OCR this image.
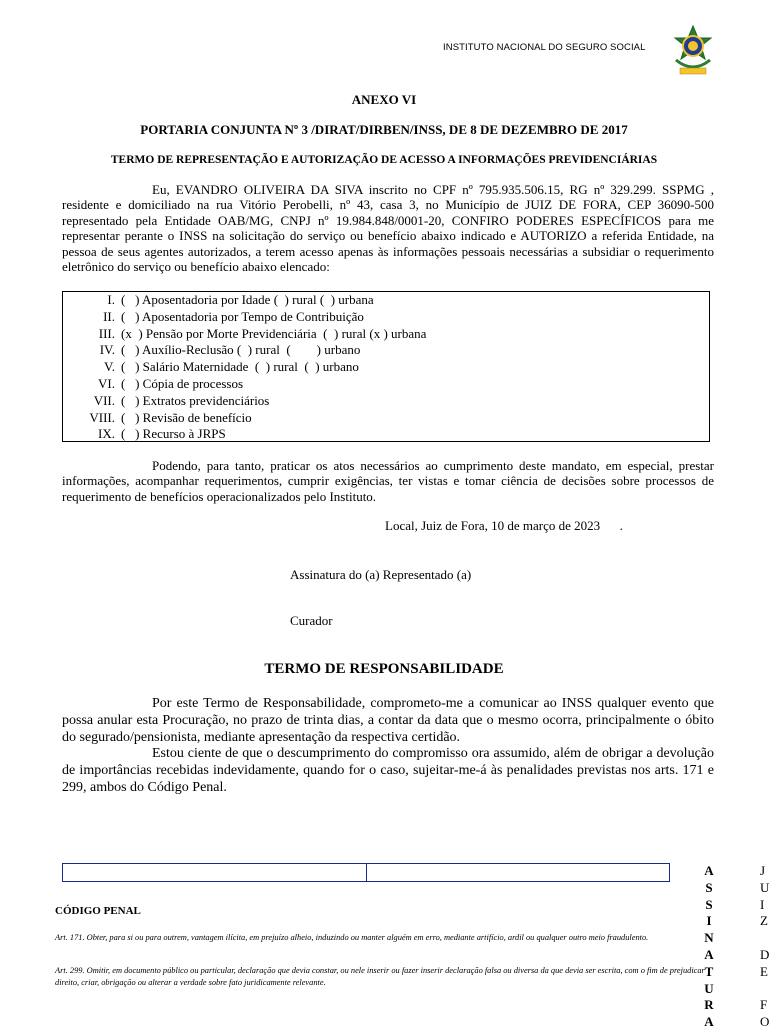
INSTITUTO NACIONAL DO SEGURO SOCIAL
ANEXO VI
PORTARIA CONJUNTA Nº 3 /DIRAT/DIRBEN/INSS, DE 8 DE DEZEMBRO DE 2017
TERMO DE REPRESENTAÇÃO E AUTORIZAÇÃO DE ACESSO A INFORMAÇÕES PREVIDENCIÁRIAS
Eu, EVANDRO OLIVEIRA DA SIVA inscrito no CPF nº 795.935.506.15, RG nº 329.299. SSPMG , residente e domiciliado na rua Vitório Perobelli, nº 43, casa 3, no Município de JUIZ DE FORA, CEP 36090-500 representado pela Entidade OAB/MG, CNPJ nº 19.984.848/0001-20, CONFIRO PODERES ESPECÍFICOS para me representar perante o INSS na solicitação do serviço ou benefício abaixo indicado e AUTORIZO a referida Entidade, na pessoa de seus agentes autorizados, a terem acesso apenas às informações pessoais necessárias a subsidiar o requerimento eletrônico do serviço ou benefício abaixo elencado:
I. (   ) Aposentadoria por Idade (  ) rural (  ) urbana
II. (   ) Aposentadoria por Tempo de Contribuição
III. (x  ) Pensão por Morte Previdenciária  (  ) rural (x ) urbana
IV. (   ) Auxílio-Reclusão (  ) rural  (        ) urbano
V. (   ) Salário Maternidade  (  ) rural  (  ) urbano
VI. (   ) Cópia de processos
VII. (   ) Extratos previdenciários
VIII. (   ) Revisão de benefício
IX. (   ) Recurso à JRPS
Podendo, para tanto, praticar os atos necessários ao cumprimento deste mandato, em especial, prestar informações, acompanhar requerimentos, cumprir exigências, ter vistas e tomar ciência de decisões sobre processos de requerimento de benefícios operacionalizados pelo Instituto.
Local, Juiz de Fora, 10 de março de 2023      .
Assinatura do (a) Representado (a)
Curador
TERMO DE RESPONSABILIDADE
Por este Termo de Responsabilidade, comprometo-me a comunicar ao INSS qualquer evento que possa anular esta Procuração, no prazo de trinta dias, a contar da data que o mesmo ocorra, principalmente o óbito do segurado/pensionista, mediante apresentação da respectiva certidão.
Estou ciente de que o descumprimento do compromisso ora assumido, além de obrigar a devolução de importâncias recebidas indevidamente, quando for o caso, sujeitar-me-á às penalidades previstas nos arts. 171 e 299, ambos do Código Penal.
CÓDIGO PENAL
Art. 171. Obter, para si ou para outrem, vantagem ilícita, em prejuízo alheio, induzindo ou manter alguém em erro, mediante artifício, ardil ou qualquer outro meio fraudulento.
Art. 299. Omitir, em documento público ou particular, declaração que devia constar, ou nele inserir ou fazer inserir declaração falsa ou diversa da que devia ser escrita, com o fim de prejudicar direito, criar, obrigação ou alterar a verdade sobre fato juridicamente relevante.
A
S
S
I
N
A
T
U
R
A
J
U
I
Z
D
E
F
O
